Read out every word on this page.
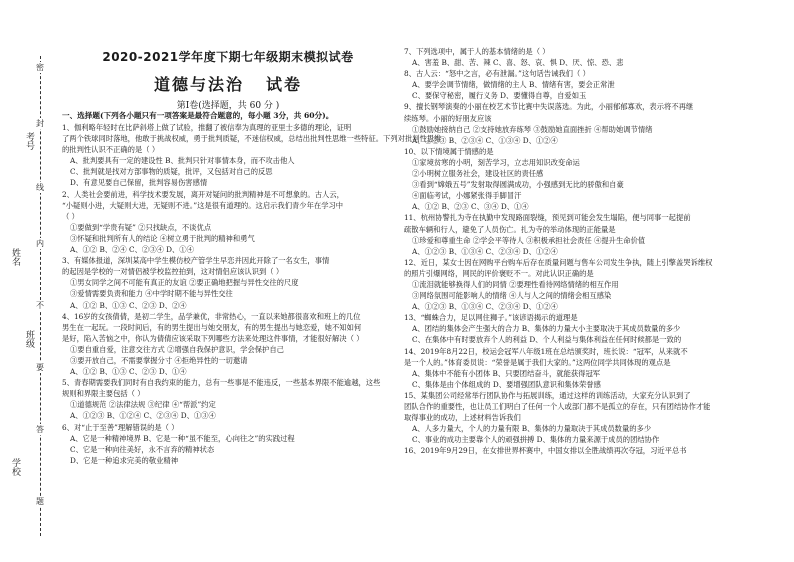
考号
姓名
班级
学校
密
封
线
内
不
要
答
题
2020-2021学年度下期七年级期末模拟试卷
道德与法治 试卷
第Ⅰ卷(选择题，共 60 分 )
一、选择题(下列各小题只有一项答案是最符合题意的，每小题 3分，共 60分)。
1、伽利略年轻时在比萨斜塔上做了试验，推翻了被信奉为真理的亚里士多德的理论，证明
了两个铁球同时落地，他敢于挑战权威，勇于批判质疑，不迷信权威，总结出批判性思维一些特征。下列对批判性思维
的批判性认识不正确的是（ ）
A、批判要具有一定的建设性 B、批判只针对事情本身，而不攻击他人
C、批判就是找对方部事物的质疑，批评，又包括对自己的反思
D、有意见要自己保留，批判容易伤害感情
2、人类社会要前进，科学技术要发展，离开对疑问的批判精神是不可想象的。古人云，
“小疑则小进，大疑则大进，无疑则不进。”这是很有道理的。这启示我们青少年在学习中
（ ）
①要做到“学贵有疑” ②只找缺点，不谈优点
③怀疑和批判所有人的结论 ④树立勇于批判的精神和勇气
A、①② B、②④ C、②③④ D、①④
3、有媒体报道，深圳某高中学生模仿校产管学生早恋并因此开除了一名女生，事情
的起因是学校的一对情侣被学校监控拍到，这对情侣应该认识到（ ）
①男女同学之间不可能有真正的友谊 ②要正确地把握与异性交往的尺度
③爱情需要负责和能力 ④中学时期不能与异性交往
A、①② B、①③ C、②③ D、②④
4、16岁的女孩倩倩，是初二学生，品学兼优，非常热心，一直以来她都很喜欢和班上的几位
男生在一起玩。一段时间后，有的男生提出与她交朋友，有的男生提出与她恋爱，她不知如何
是好，陷入苦恼之中，你认为倩倩应该采取下列哪些方法来处理这件事情，才能很好解决（ ）
①要自重自爱，注意交往方式 ②增强自我保护意识，学会保护自己
③要开放自己，不需要掌握分寸 ④拒绝异性的一切邀请
A、①② B、①③ C、②③ D、①④
5、青春期需要我们同时有自我约束的能力，总有一些事是不能违反，一些基本界限不能逾越，这些
规则和界限主要包括（ ）
①道德规范 ②法律法规 ③纪律 ④“帮派”约定
A、①②③ B、①②④ C、②③④ D、①③④
6、对“止于至善”理解错误的是（ ）
A、它是一种精神境界 B、它是一种“虽不能至，心向往之”的实践过程
C、它是一种向往美好，永不言弃的精神状态
D、它是一种追求完美的敬业精神
7、下列选项中，属于人的基本情绪的是（ ）
A、害羞 B、甜、苦、辣 C、喜、怒、哀、惧 D、厌、惊、恐、悲
8、古人云：“怒中之言，必有泄漏。”这句话告诫我们（ ）
A、要学会调节情绪，做情绪的主人 B、情绪有害，要会正常泄
C、要保守秘密，履行义务 D、要懂得自尊，自爱如玉
9、擅长钢琴演奏的小丽在校艺术节比赛中失误落选。为此，小丽郁郁寡欢，表示将不再继
续练琴。小丽的好朋友应该
①鼓励她接纳自己 ②支持她放弃练琴 ③鼓励她直面挫折 ④帮助她调节情绪
A、①②③ B、②③④ C、①③④ D、①②④
10、以下情境属于情感的是
①家境贫寒的小明，刻苦学习，立志用知识改变命运
②小明树立服务社会，建设社区的责任感
③看到“嫦娥五号”发射取得圆满成功，小强感到无比的骄傲和自豪
④面临考试，小娜紧张得手脚冒汗
A、①② B、②③ C、③④ D、①④
11、杭州协警扎为寺在执勤中发现路面裂缝，预见到可能会发生塌陷，便与同事一起提前
疏散车辆和行人，避免了人员伤亡。扎为寺的举动体现的正能量是
①珍爱和尊重生命 ②学会平等待人 ③积极承担社会责任 ④提升生命价值
A、①②③ B、①③④ C、②③④ D、①②④
12、近日，某女士因在网购平台购车后存在质量问题与售车公司发生争执，随上引擎盖哭诉维权
的照片引爆网络，网民的评价褒贬不一。对此认识正确的是
①流泪就能够换得人们的同情 ②要理性看待网络情绪的相互作用
③网络氛围可能影响人的情绪 ④人与人之间的情绪会相互感染
A、①②③ B、①③④ C、②③④ D、①②④
13、“蜘蛛合力，足以网住狮子。”该谚语揭示的道理是
A、团结的集体会产生强大的合力 B、集体的力量大小主要取决于其成员数量的多少
C、在集体中有时要放弃个人的利益 D、个人利益与集体利益在任何时候都是一致的
14、2019年8月22日，校运会冠军八年级1班在总结颁奖时，班长说：“冠军，从来就不
是一个人的。”体育委员说：“荣誉是属于我们大家的。”这两位同学共同体现的观点是
A、集体中不能有小团体 B、只要团结奋斗，就能获得冠军
C、集体是由个体组成的 D、要增强团队意识和集体荣誉感
15、某集团公司经常举行团队协作与拓展训练，通过这样的训练活动，大家充分认识到了
团队合作的重要性，也让员工们明白了任何一个人或部门都不是孤立的存在，只有团结协作才能
取得事业的成功，上述材料告诉我们
A、人多力量大，个人的力量有限 B、集体的力量取决于其成员数量的多少
C、事业的成功主要靠个人的顽强拼搏 D、集体的力量来源于成员的团结协作
16、2019年9月29日，在女排世界杯赛中，中国女排以全胜战绩再次夺冠，习近平总书
